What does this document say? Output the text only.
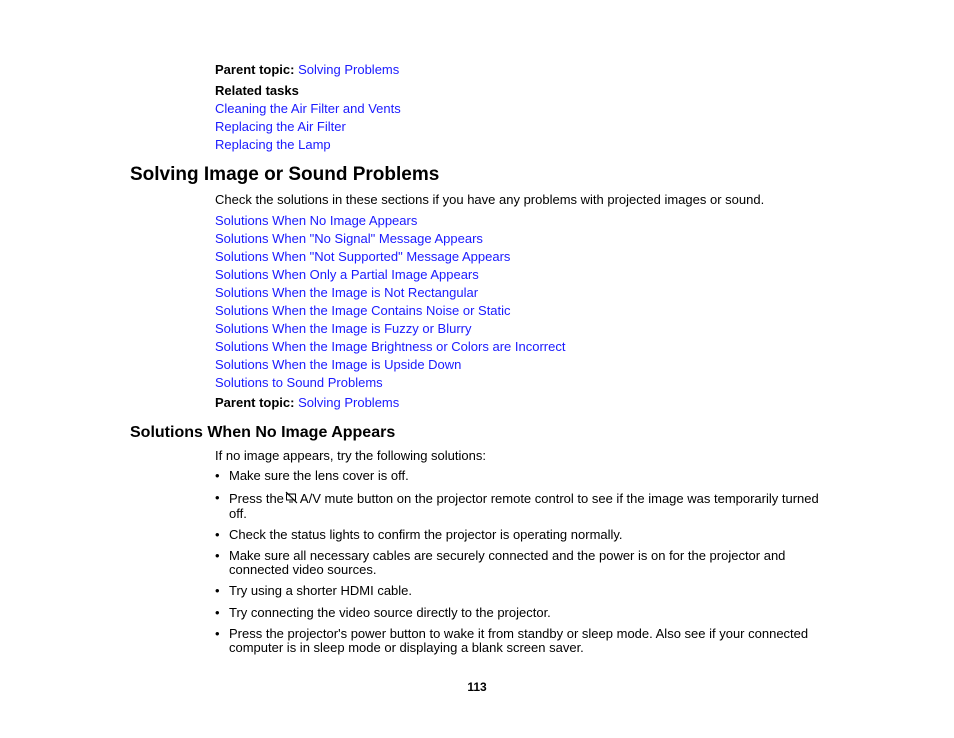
Parent topic: Solving Problems

Related tasks

Cleaning the Air Filter and Vents

Replacing the Air Filter

Replacing the Lamp

Solving Image or Sound Problems

Check the solutions in these sections if you have any problems with projected images or sound.

Solutions When No Image Appears

Solutions When "No Signal" Message Appears

Solutions When "Not Supported" Message Appears

Solutions When Only a Partial Image Appears

Solutions When the Image is Not Rectangular

Solutions When the Image Contains Noise or Static

Solutions When the Image is Fuzzy or Blurry

Solutions When the Image Brightness or Colors are Incorrect

Solutions When the Image is Upside Down

Solutions to Sound Problems

Parent topic: Solving Problems

Solutions When No Image Appears

If no image appears, try the following solutions:

• Make sure the lens cover is off.
• Press the A/V mute button on the projector remote control to see if the image was temporarily turned off.
• Check the status lights to confirm the projector is operating normally.
• Make sure all necessary cables are securely connected and the power is on for the projector and connected video sources.
• Try using a shorter HDMI cable.
• Try connecting the video source directly to the projector.
• Press the projector's power button to wake it from standby or sleep mode. Also see if your connected computer is in sleep mode or displaying a blank screen saver.
113
